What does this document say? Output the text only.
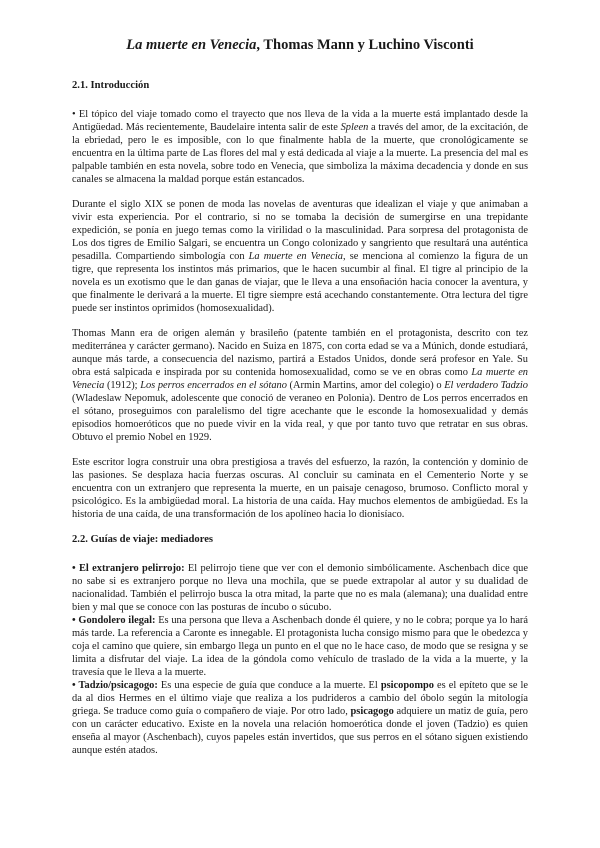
La muerte en Venecia, Thomas Mann y Luchino Visconti
2.1. Introducción

• El tópico del viaje tomado como el trayecto que nos lleva de la vida a la muerte está implantado desde la Antigüedad. Más recientemente, Baudelaire intenta salir de este Spleen a través del amor, de la excitación, de la ebriedad, pero le es imposible, con lo que finalmente habla de la muerte, que cronológicamente se encuentra en la última parte de Las flores del mal y está dedicada al viaje a la muerte. La presencia del mal es palpable también en esta novela, sobre todo en Venecia, que simboliza la máxima decadencia y donde en sus canales se almacena la maldad porque están estancados.

Durante el siglo XIX se ponen de moda las novelas de aventuras que idealizan el viaje y que animaban a vivir esta experiencia. Por el contrario, si no se tomaba la decisión de sumergirse en una trepidante expedición, se ponía en juego temas como la virilidad o la masculinidad. Para sorpresa del protagonista de Los dos tigres de Emilio Salgari, se encuentra un Congo colonizado y sangriento que resultará una auténtica pesadilla. Compartiendo simbología con La muerte en Venecia, se menciona al comienzo la figura de un tigre, que representa los instintos más primarios, que le hacen sucumbir al final. El tigre al principio de la novela es un exotismo que le dan ganas de viajar, que le lleva a una ensoñación hacia conocer la aventura, y que finalmente le derivará a la muerte. El tigre siempre está acechando constantemente. Otra lectura del tigre puede ser instintos oprimidos (homosexualidad).

Thomas Mann era de origen alemán y brasileño (patente también en el protagonista, descrito con tez mediterránea y carácter germano). Nacido en Suiza en 1875, con corta edad se va a Múnich, donde estudiará, aunque más tarde, a consecuencia del nazismo, partirá a Estados Unidos, donde será profesor en Yale. Su obra está salpicada e inspirada por su contenida homosexualidad, como se ve en obras como La muerte en Venecia (1912); Los perros encerrados en el sótano (Armin Martins, amor del colegio) o El verdadero Tadzio (Wladeslaw Nepomuk, adolescente que conoció de veraneo en Polonia). Dentro de Los perros encerrados en el sótano, proseguimos con paralelismo del tigre acechante que le esconde la homosexualidad y demás episodios homoeróticos que no puede vivir en la vida real, y que por tanto tuvo que retratar en sus obras. Obtuvo el premio Nobel en 1929.

Este escritor logra construir una obra prestigiosa a través del esfuerzo, la razón, la contención y dominio de las pasiones. Se desplaza hacia fuerzas oscuras. Al concluir su caminata en el Cementerio Norte y se encuentra con un extranjero que representa la muerte, en un paisaje cenagoso, brumoso. Conflicto moral y psicológico. Es la ambigüedad moral. La historia de una caída. Hay muchos elementos de ambigüedad. Es la historia de una caída, de una transformación de los apolíneo hacia lo dionisíaco.

2.2. Guías de viaje: mediadores

• El extranjero pelirrojo: El pelirrojo tiene que ver con el demonio simbólicamente. Aschenbach dice que no sabe si es extranjero porque no lleva una mochila, que se puede extrapolar al autor y su dualidad de nacionalidad. También el pelirrojo busca la otra mitad, la parte que no es mala (alemana); una dualidad entre bien y mal que se conoce con las posturas de íncubo o súcubo.

• Gondolero ilegal: Es una persona que lleva a Aschenbach donde él quiere, y no le cobra; porque ya lo hará más tarde. La referencia a Caronte es innegable. El protagonista lucha consigo mismo para que le obedezca y coja el camino que quiere, sin embargo llega un punto en el que no le hace caso, de modo que se resigna y se limita a disfrutar del viaje. La idea de la góndola como vehículo de traslado de la vida a la muerte, y la travesía que le lleva a la muerte.

• Tadzio/psicagogo: Es una especie de guía que conduce a la muerte. El psicopompo es el epíteto que se le da al dios Hermes en el último viaje que realiza a los pudrideros a cambio del óbolo según la mitología griega. Se traduce como guía o compañero de viaje. Por otro lado, psicagogo adquiere un matiz de guía, pero con un carácter educativo. Existe en la novela una relación homoerótica donde el joven (Tadzio) es quien enseña al mayor (Aschenbach), cuyos papeles están invertidos, que sus perros en el sótano siguen existiendo aunque estén atados.
